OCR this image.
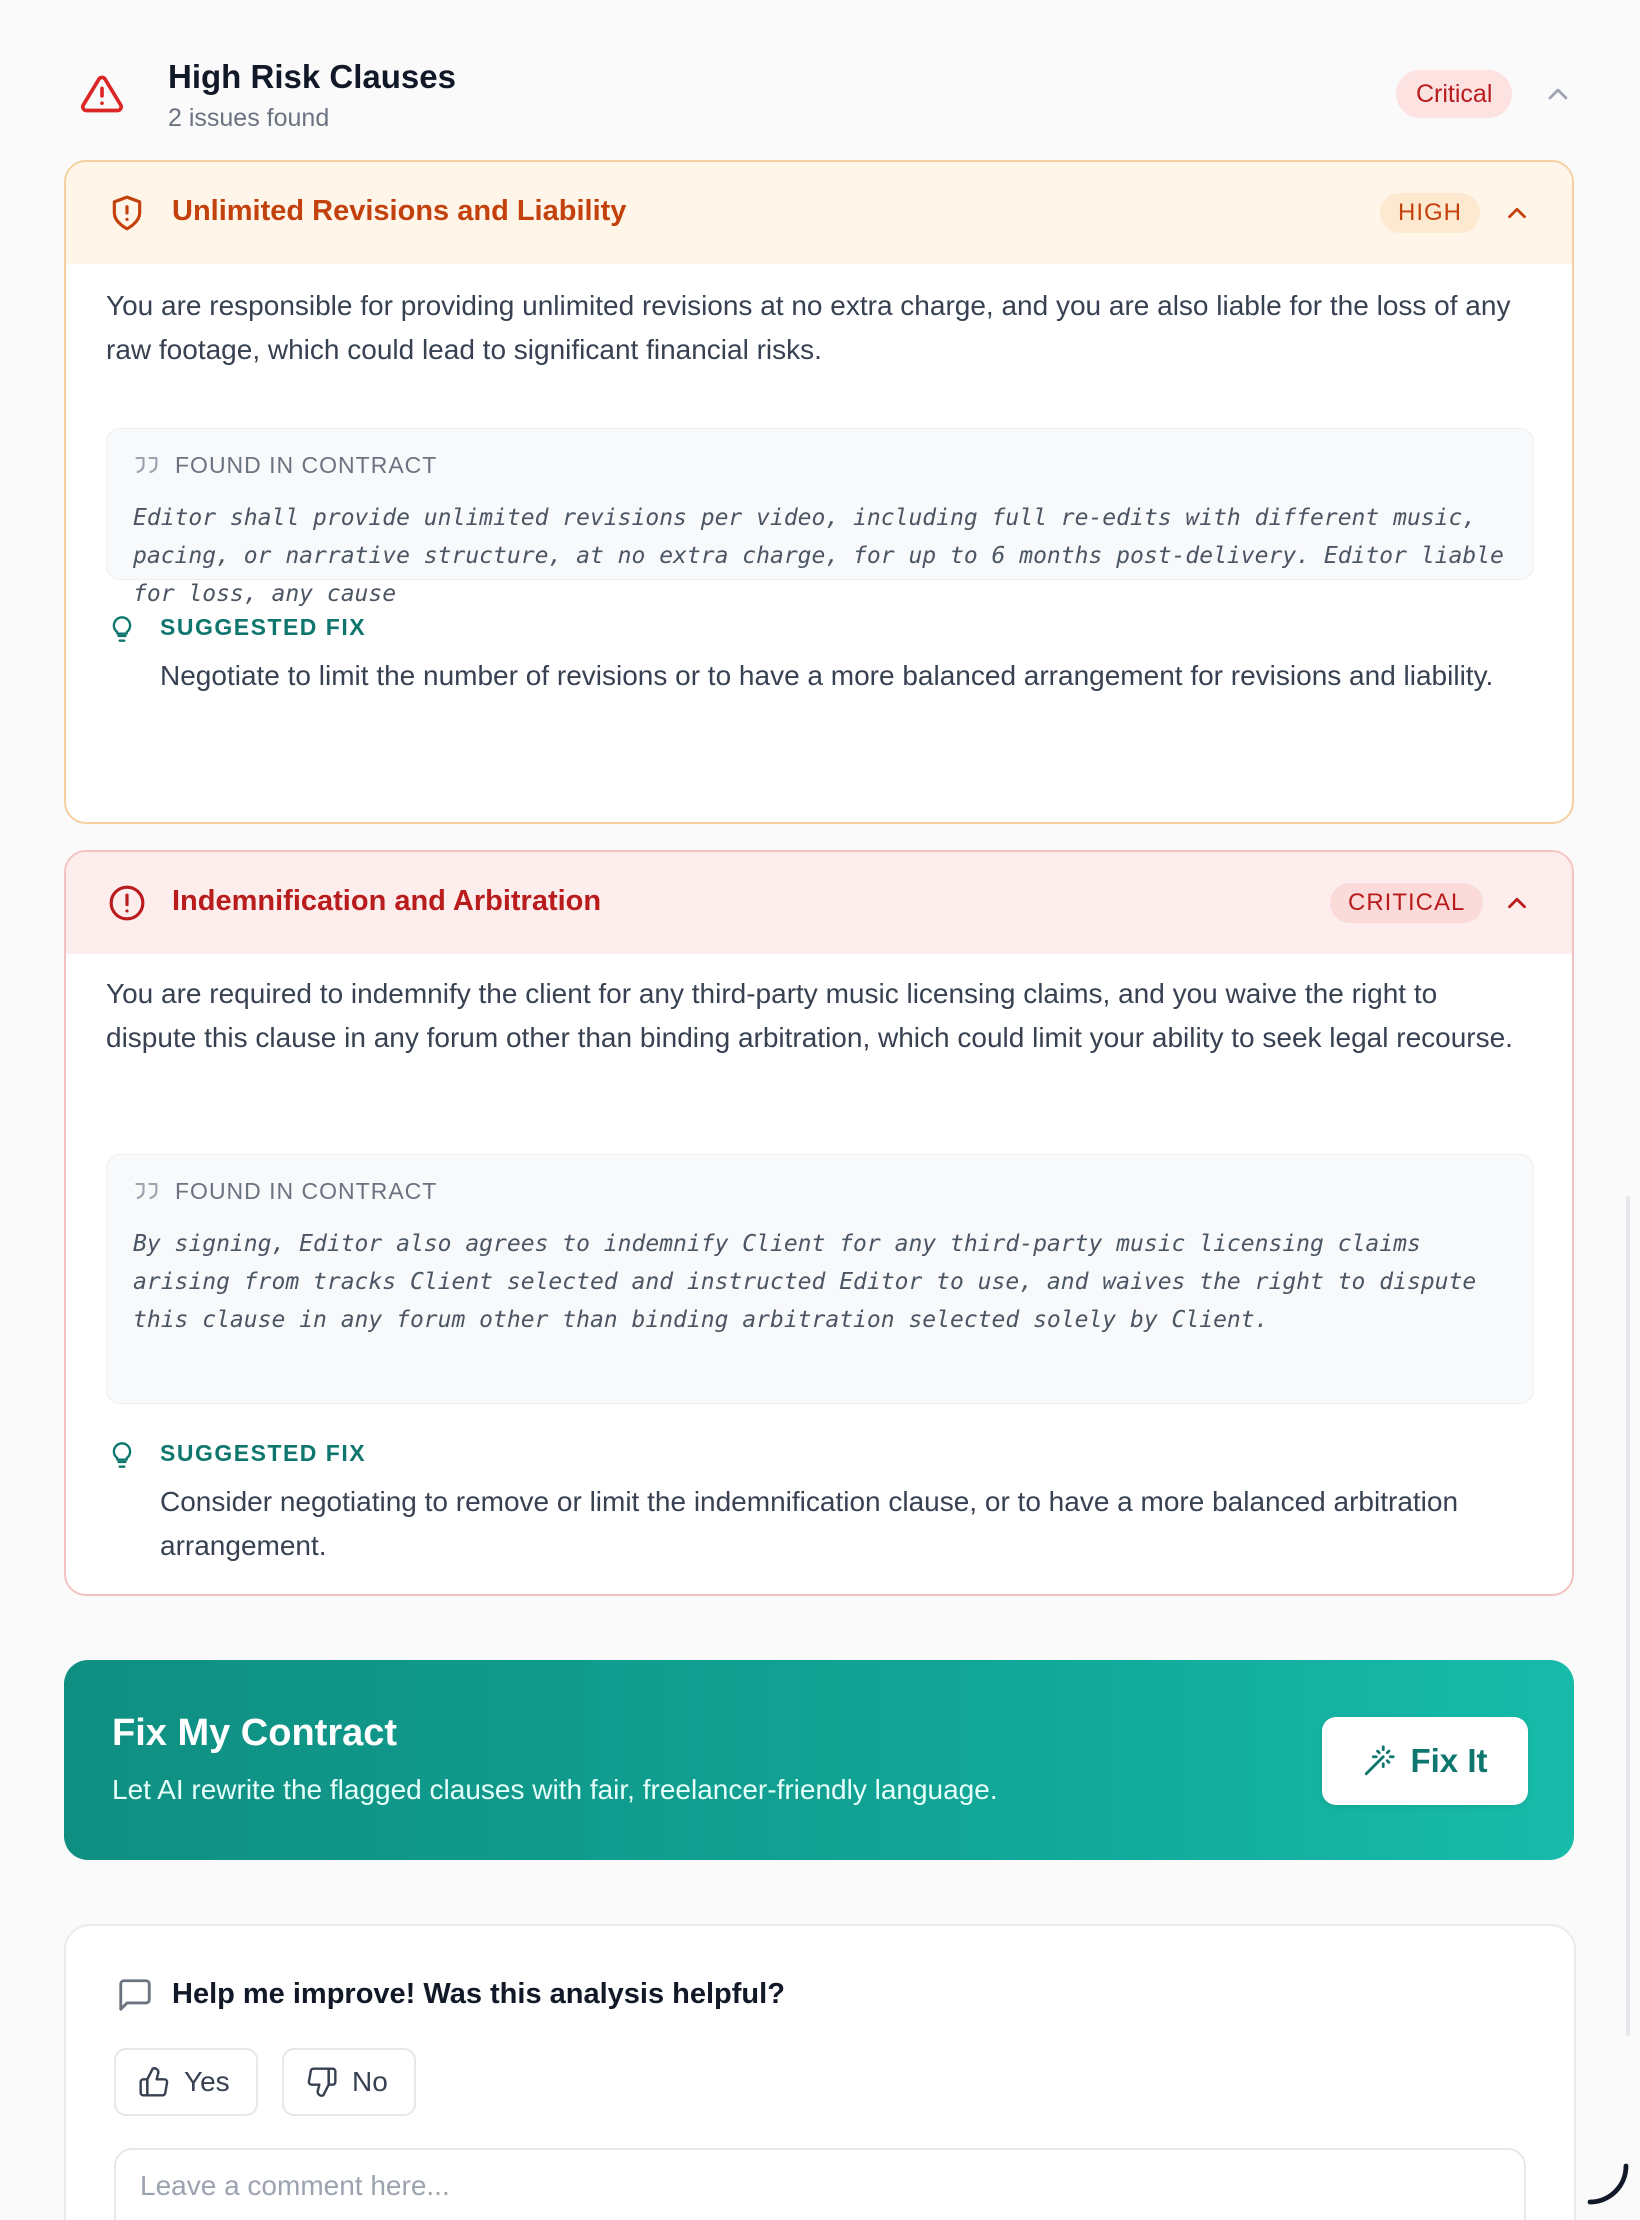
High Risk Clauses
2 issues found
Critical
Unlimited Revisions and Liability	HIGH
You are responsible for providing unlimited revisions at no extra charge, and you are also liable for the loss of any raw footage, which could lead to significant financial risks.
FOUND IN CONTRACT
Editor shall provide unlimited revisions per video, including full re-edits with different music, pacing, or narrative structure, at no extra charge, for up to 6 months post-delivery. Editor liable for loss, any cause
SUGGESTED FIX
Negotiate to limit the number of revisions or to have a more balanced arrangement for revisions and liability.
Indemnification and Arbitration	CRITICAL
You are required to indemnify the client for any third-party music licensing claims, and you waive the right to dispute this clause in any forum other than binding arbitration, which could limit your ability to seek legal recourse.
FOUND IN CONTRACT
By signing, Editor also agrees to indemnify Client for any third-party music licensing claims arising from tracks Client selected and instructed Editor to use, and waives the right to dispute this clause in any forum other than binding arbitration selected solely by Client.
SUGGESTED FIX
Consider negotiating to remove or limit the indemnification clause, or to have a more balanced arbitration arrangement.
Fix My Contract
Let AI rewrite the flagged clauses with fair, freelancer-friendly language.
Fix It
Help me improve! Was this analysis helpful?
Yes	No
Leave a comment here...
